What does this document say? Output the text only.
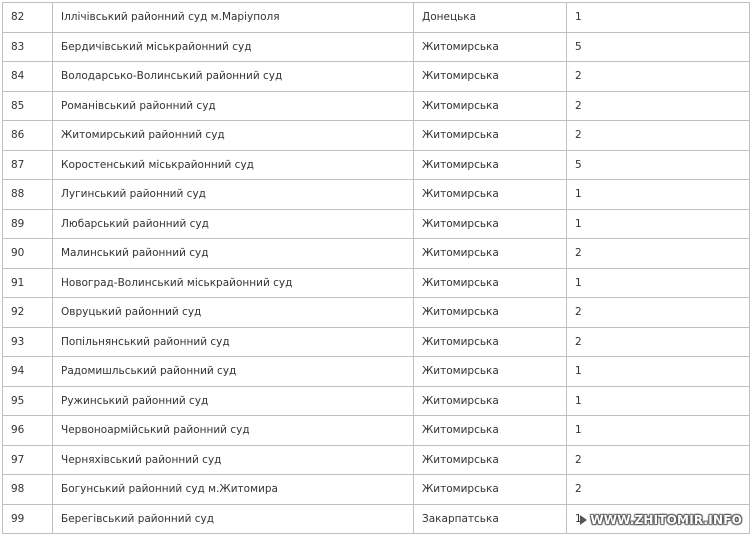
82	Іллічівський районний суд м.Маріуполя	Донецька	1
83	Бердичівський міськрайонний суд	Житомирська	5
84	Володарсько-Волинський районний суд	Житомирська	2
85	Романівський районний суд	Житомирська	2
86	Житомирський районний суд	Житомирська	2
87	Коростенський міськрайонний суд	Житомирська	5
88	Лугинський районний суд	Житомирська	1
89	Любарський районний суд	Житомирська	1
90	Малинський районний суд	Житомирська	2
91	Новоград-Волинський міськрайонний суд	Житомирська	1
92	Овруцький районний суд	Житомирська	2
93	Попільнянський районний суд	Житомирська	2
94	Радомишльський районний суд	Житомирська	1
95	Ружинський районний суд	Житомирська	1
96	Червоноармійський районний суд	Житомирська	1
97	Черняхівський районний суд	Житомирська	2
98	Богунський районний суд м.Житомира	Житомирська	2
99	Берегівський районний суд	Закарпатська	1 WWW.ZHITOMIR.INFO
